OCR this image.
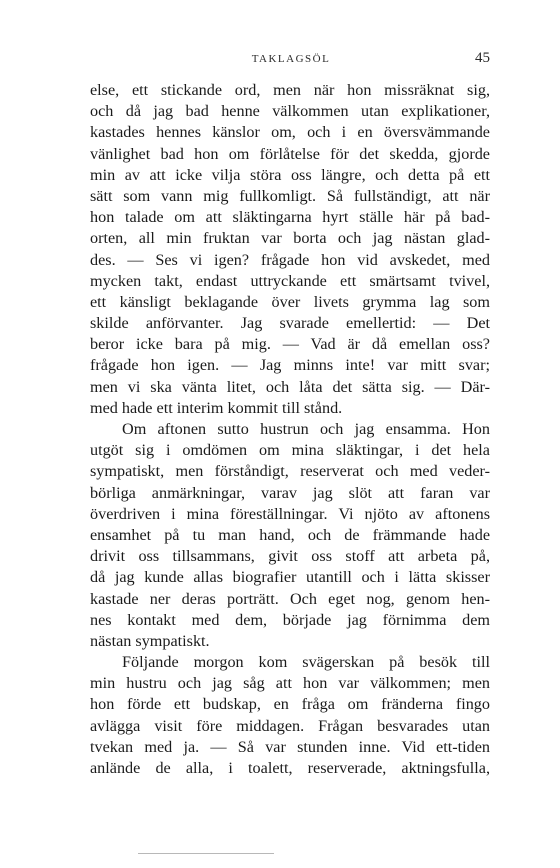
TAKLAGSÖL	45
else, ett stickande ord, men när hon missräknat sig,
och då jag bad henne välkommen utan explikationer,
kastades hennes känslor om, och i en översvämmande
vänlighet bad hon om förlåtelse för det skedda, gjorde
min av att icke vilja störa oss längre, och detta på ett
sätt som vann mig fullkomligt. Så fullständigt, att när
hon talade om att släktingarna hyrt ställe här på bad-
orten, all min fruktan var borta och jag nästan glad-
des. — Ses vi igen? frågade hon vid avskedet, med
mycken takt, endast uttryckande ett smärtsamt tvivel,
ett känsligt beklagande över livets grymma lag som
skilde anförvanter. Jag svarade emellertid: — Det
beror icke bara på mig. — Vad är då emellan oss?
frågade hon igen. — Jag minns inte! var mitt svar;
men vi ska vänta litet, och låta det sätta sig. — Där-
med hade ett interim kommit till stånd.
Om aftonen sutto hustrun och jag ensamma. Hon
utgöt sig i omdömen om mina släktingar, i det hela
sympatiskt, men förståndigt, reserverat och med veder-
börliga anmärkningar, varav jag slöt att faran var
överdriven i mina föreställningar. Vi njöto av aftonens
ensamhet på tu man hand, och de främmande hade
drivit oss tillsammans, givit oss stoff att arbeta på,
då jag kunde allas biografier utantill och i lätta skisser
kastade ner deras porträtt. Och eget nog, genom hen-
nes kontakt med dem, började jag förnimma dem
nästan sympatiskt.
Följande morgon kom svägerskan på besök till
min hustru och jag såg att hon var välkommen; men
hon förde ett budskap, en fråga om fränderna fingo
avlägga visit före middagen. Frågan besvarades utan
tvekan med ja. — Så var stunden inne. Vid ett-tiden
anlände de alla, i toalett, reserverade, aktningsfulla,
